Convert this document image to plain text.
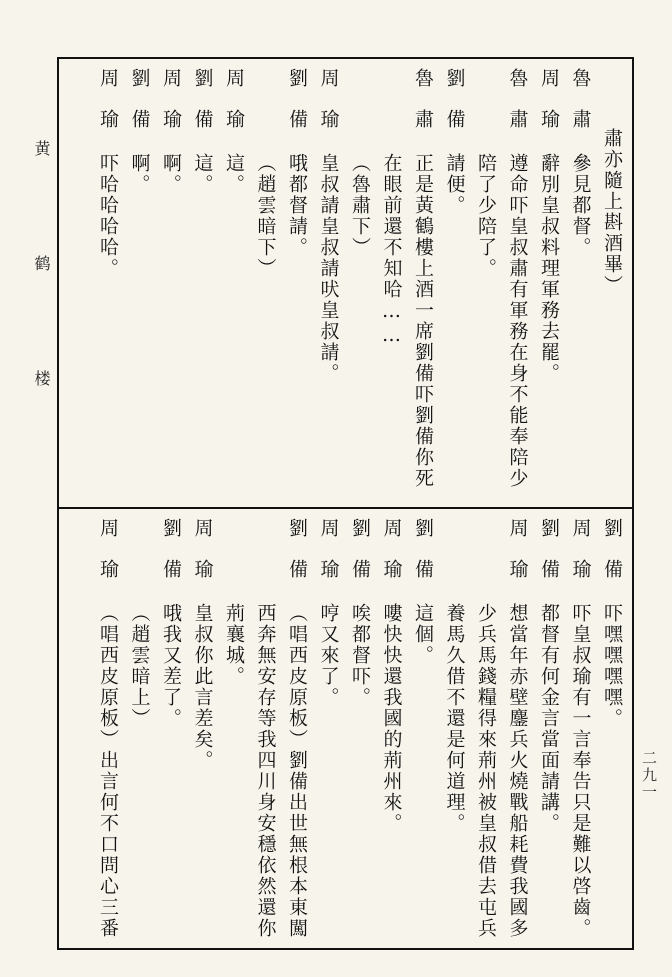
黄 鹤 楼
二九一
肅亦隨上斟酒畢）
魯肅
參見都督。
周瑜
辭別皇叔料理軍務去罷。
魯肅
遵命吓皇叔肅有軍務在身不能奉陪少
陪了少陪了。
劉備
請便。
魯肅
正是黃鶴樓上酒一席劉備吓劉備你死
在眼前還不知哈……
（魯肅下）
周瑜
皇叔請皇叔請吠皇叔請。
劉備
哦都督請。
（趙雲暗下）
周瑜
這。
劉備
這。
周瑜
啊。
劉備
啊。
周瑜
吓哈哈哈哈。
劉備
吓嘿嘿嘿嘿。
周瑜
吓皇叔瑜有一言奉告只是難以啓齒。
劉備
都督有何金言當面請講。
周瑜
想當年赤壁鏖兵火燒戰船耗費我國多
少兵馬錢糧得來荊州被皇叔借去屯兵
養馬久借不還是何道理。
劉備
這個。
周瑜
嘍快快還我國的荊州來。
劉備
唉都督吓。
周瑜
哼又來了。
劉備
（唱西皮原板）劉備出世無根本東闖
西奔無安存等我四川身安穩依然還你
荊襄城。
周瑜
皇叔你此言差矣。
劉備
哦我又差了。
（趙雲暗上）
周瑜
（唱西皮原板）出言何不口問心三番
